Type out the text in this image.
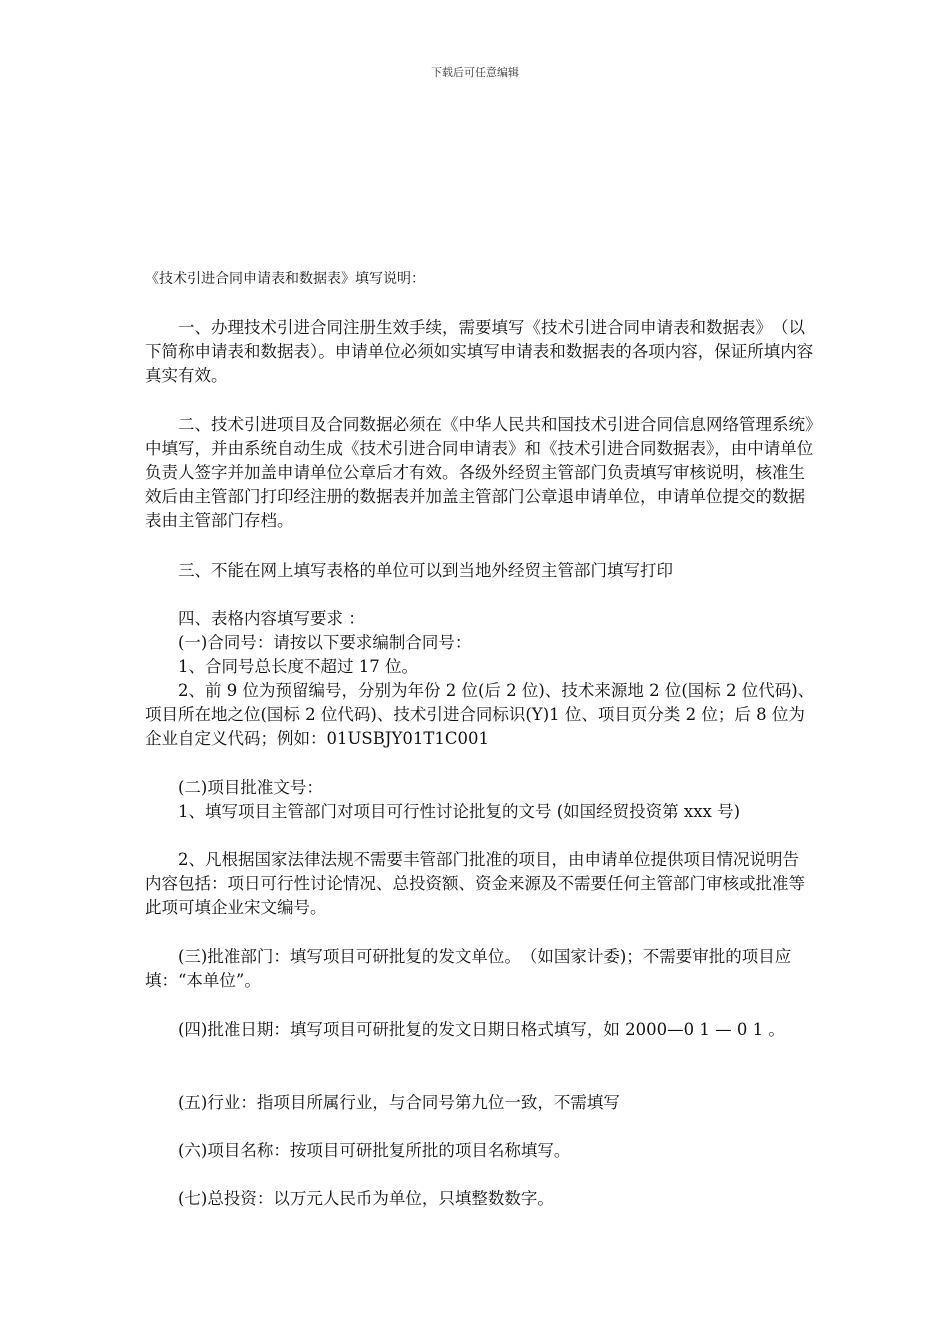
下载后可任意编辑
《技术引进合同申请表和数据表》填写说明：

　　一、办理技术引进合同注册生效手续，需要填写《技术引进合同申请表和数据表》　（以下简称申请表和数据表）。申请单位必须如实填写申请表和数据表的各项内容，保证所填内容真实有效。

　　二、技术引进项目及合同数据必须在《中华人民共和国技术引进合同信息网络管理系统》中填写，并由系统自动生成《技术引进合同申请表》和《技术引进合同数据表》，由中请单位负责人签字并加盖申请单位公章后才有效。各级外经贸主管部门负责填写审核说明，核准生效后由主管部门打印经注册的数据表并加盖主管部门公章退申请单位，申请单位提交的数据表由主管部门存档。

　　三、不能在网上填写表格的单位可以到当地外经贸主管部门填写打印

　　四、表格内容填写要求 ：

　　(一)合同号：请按以下要求编制合同号：

　　1、合同号总长度不超过 17 位。

　　2、前 9 位为预留编号，分别为年份 2 位(后 2 位)、技术来源地 2 位(国标 2 位代码)、项目所在地之位(国标 2 位代码)、技术引进合同标识(Y)1 位、项目页分类 2 位；后 8 位为企业自定义代码；例如：01USBJY01T1C001

　　(二)项目批准文号：

　　1、填写项目主管部门对项目可行性讨论批复的文号 (如国经贸投资第 xxx 号)

　　2、凡根据国家法律法规不需要丰管部门批准的项目，由申请单位提供项目情况说明告内容包括：项日可行性讨论情况、总投资额、资金来源及不需要任何主管部门审核或批准等此项可填企业宋文编号。

　　(三)批准部门：填写项目可研批复的发文单位。　（如国家计委)；不需要审批的项目应填：“本单位”。

　　(四)批准日期：填写项目可研批复的发文日期日格式填写，如 2000—0 1 — 0 1 。

　　(五)行业：指项目所属行业，与合同号第九位一致，不需填写

　　(六)项目名称：按项目可研批复所批的项目名称填写。

　　(七)总投资：以万元人民币为单位，只填整数数字。
